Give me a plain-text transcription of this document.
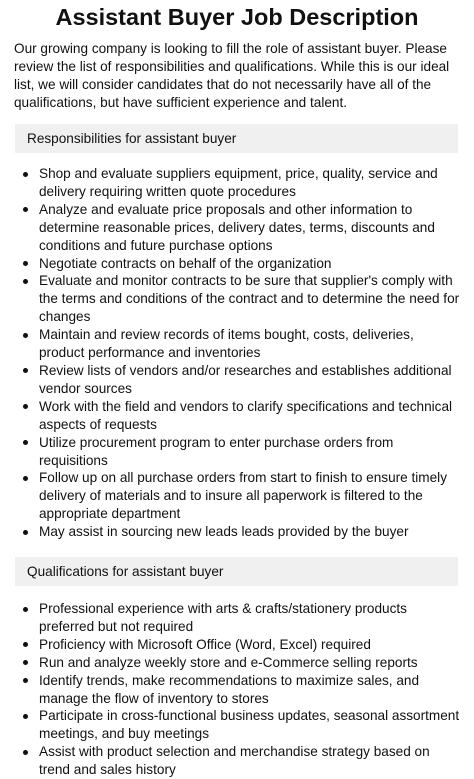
Assistant Buyer Job Description

Our growing company is looking to fill the role of assistant buyer. Please review the list of responsibilities and qualifications. While this is our ideal list, we will consider candidates that do not necessarily have all of the qualifications, but have sufficient experience and talent.

Responsibilities for assistant buyer
Shop and evaluate suppliers equipment, price, quality, service and delivery requiring written quote procedures
Analyze and evaluate price proposals and other information to determine reasonable prices, delivery dates, terms, discounts and conditions and future purchase options
Negotiate contracts on behalf of the organization
Evaluate and monitor contracts to be sure that supplier's comply with the terms and conditions of the contract and to determine the need for changes
Maintain and review records of items bought, costs, deliveries, product performance and inventories
Review lists of vendors and/or researches and establishes additional vendor sources
Work with the field and vendors to clarify specifications and technical aspects of requests
Utilize procurement program to enter purchase orders from requisitions
Follow up on all purchase orders from start to finish to ensure timely delivery of materials and to insure all paperwork is filtered to the appropriate department
May assist in sourcing new leads leads provided by the buyer
Qualifications for assistant buyer
Professional experience with arts & crafts/stationery products preferred but not required
Proficiency with Microsoft Office (Word, Excel) required
Run and analyze weekly store and e-Commerce selling reports
Identify trends, make recommendations to maximize sales, and manage the flow of inventory to stores
Participate in cross-functional business updates, seasonal assortment meetings, and buy meetings
Assist with product selection and merchandise strategy based on trend and sales history
